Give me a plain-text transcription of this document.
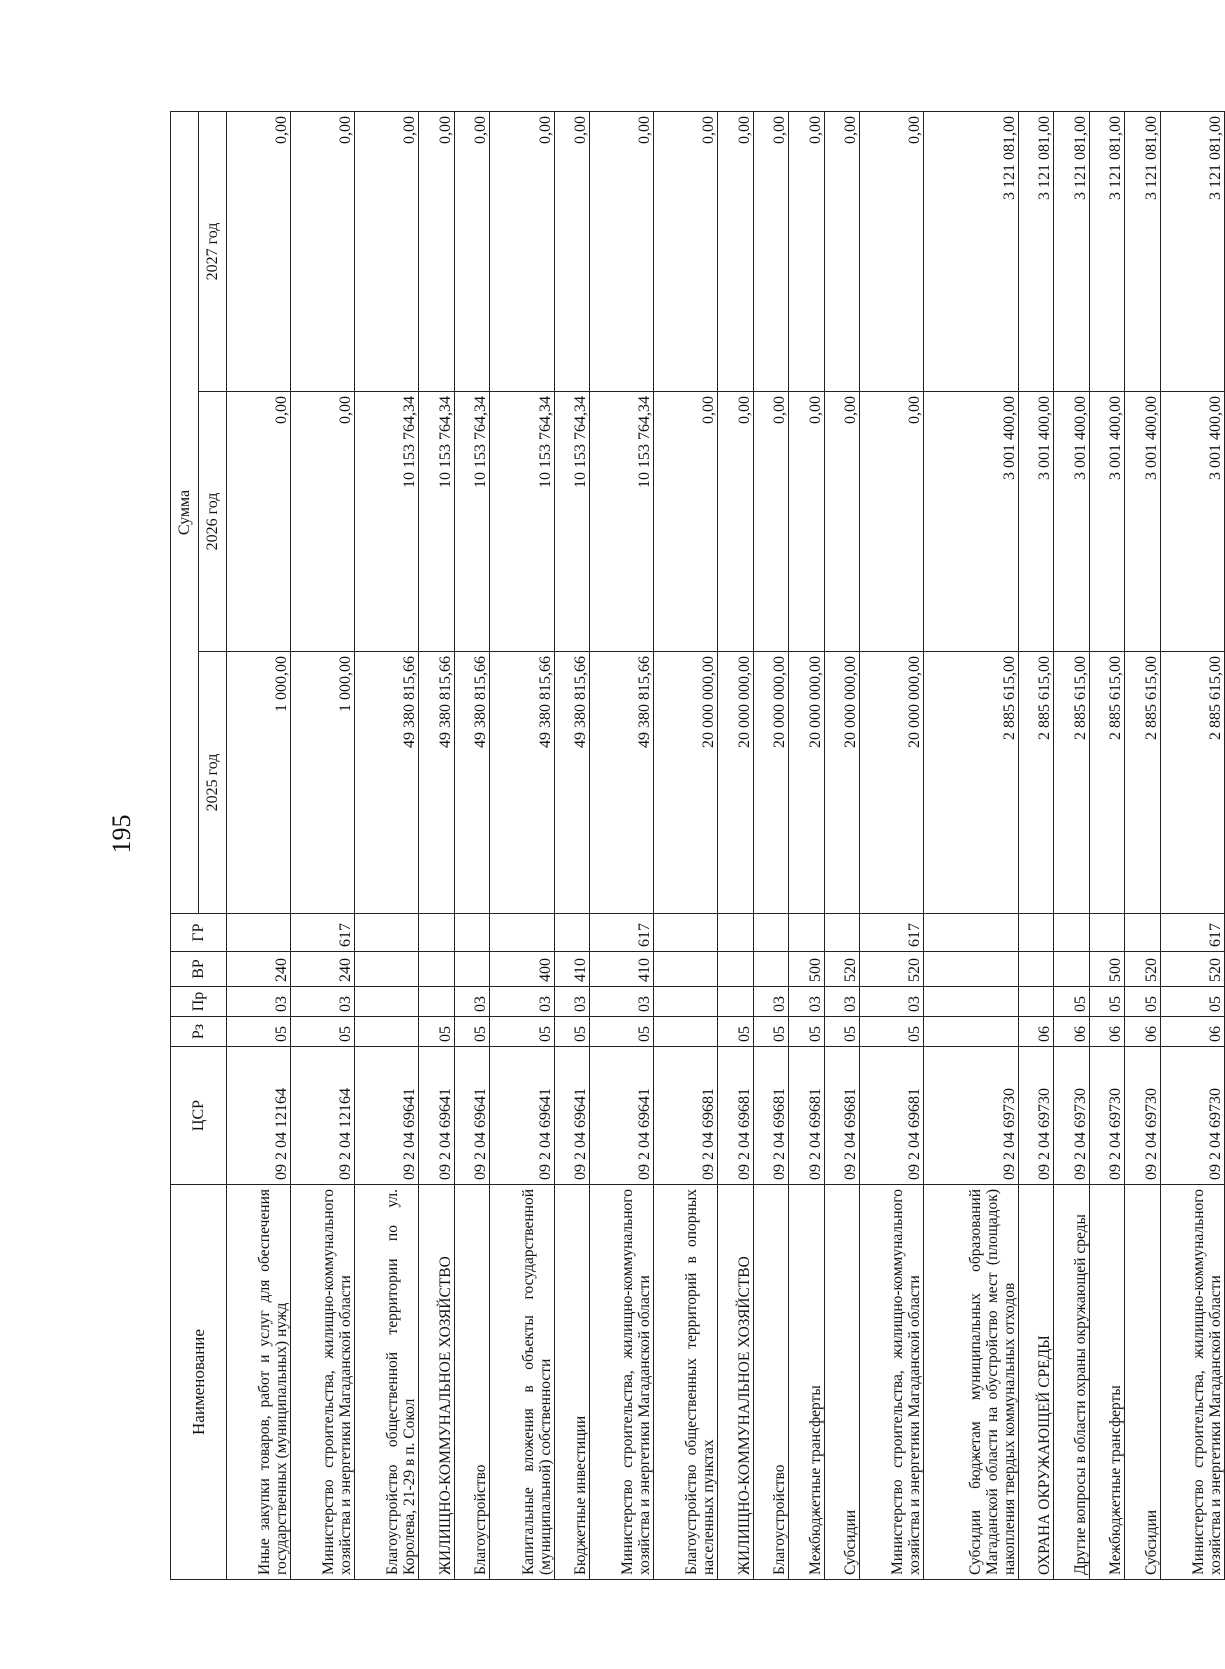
195
Наименование	ЦСР	Рз	Пр	ВР	ГР	Сумма		
						2025 год	2026 год	2027 год
Иные закупки товаров, работ и услуг для обеспечения государственных (муниципальных) нужд	09 2 04 12164	05	03	240		1 000,00	0,00	0,00
Министерство строительства, жилищно-коммунального хозяйства и энергетики Магаданской области	09 2 04 12164	05	03	240	617	1 000,00	0,00	0,00
Благоустройство общественной территории по ул. Королева, 21-29 в п. Сокол	09 2 04 69641					49 380 815,66	10 153 764,34	0,00
ЖИЛИЩНО-КОММУНАЛЬНОЕ ХОЗЯЙСТВО	09 2 04 69641	05				49 380 815,66	10 153 764,34	0,00
Благоустройство	09 2 04 69641	05	03			49 380 815,66	10 153 764,34	0,00
Капитальные вложения в объекты государственной (муниципальной) собственности	09 2 04 69641	05	03	400		49 380 815,66	10 153 764,34	0,00
Бюджетные инвестиции	09 2 04 69641	05	03	410		49 380 815,66	10 153 764,34	0,00
Министерство строительства, жилищно-коммунального хозяйства и энергетики Магаданской области	09 2 04 69641	05	03	410	617	49 380 815,66	10 153 764,34	0,00
Благоустройство общественных территорий в опорных населенных пунктах	09 2 04 69681					20 000 000,00	0,00	0,00
ЖИЛИЩНО-КОММУНАЛЬНОЕ ХОЗЯЙСТВО	09 2 04 69681	05				20 000 000,00	0,00	0,00
Благоустройство	09 2 04 69681	05	03			20 000 000,00	0,00	0,00
Межбюджетные трансферты	09 2 04 69681	05	03	500		20 000 000,00	0,00	0,00
Субсидии	09 2 04 69681	05	03	520		20 000 000,00	0,00	0,00
Министерство строительства, жилищно-коммунального хозяйства и энергетики Магаданской области	09 2 04 69681	05	03	520	617	20 000 000,00	0,00	0,00
Субсидии бюджетам муниципальных образований Магаданской области на обустройство мест (площадок) накопления твердых коммунальных отходов	09 2 04 69730					2 885 615,00	3 001 400,00	3 121 081,00
ОХРАНА ОКРУЖАЮЩЕЙ СРЕДЫ	09 2 04 69730	06				2 885 615,00	3 001 400,00	3 121 081,00
Другие вопросы в области охраны окружающей среды	09 2 04 69730	06	05			2 885 615,00	3 001 400,00	3 121 081,00
Межбюджетные трансферты	09 2 04 69730	06	05	500		2 885 615,00	3 001 400,00	3 121 081,00
Субсидии	09 2 04 69730	06	05	520		2 885 615,00	3 001 400,00	3 121 081,00
Министерство строительства, жилищно-коммунального хозяйства и энергетики Магаданской области	09 2 04 69730	06	05	520	617	2 885 615,00	3 001 400,00	3 121 081,00
